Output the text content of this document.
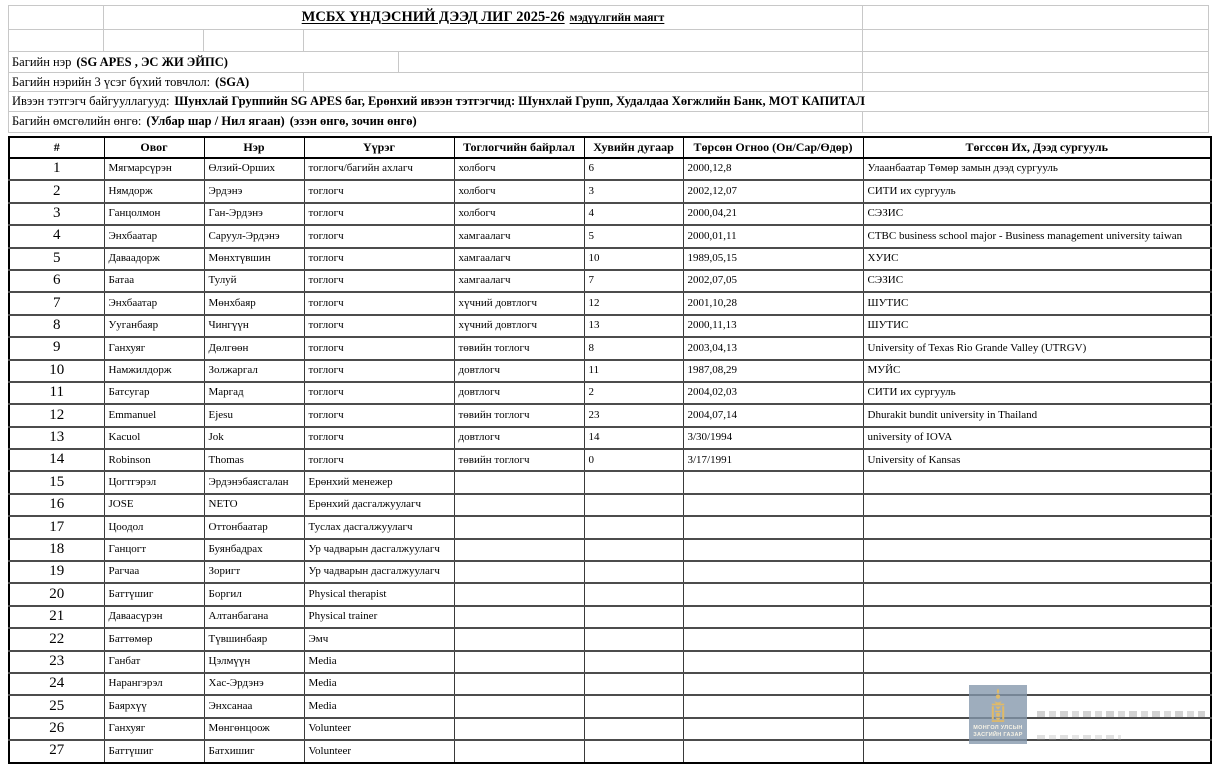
МСБХ ҮНДЭСНИЙ ДЭЭД ЛИГ 2025-26 мэдүүлгийн маягт
Багийн нэр (SG APES , ЭС ЖИ ЭЙПС)
Багийн нэрийн 3 үсэг бүхий товчлол: (SGA)
Ивээн тэтгэгч байгууллагууд: Шунхлай Группийн SG APES баг, Ерөнхий ивээн тэтгэгчид: Шунхлай Групп, Худалдаа Хөгжлийн Банк, МОТ КАПИТАЛ
Багийн өмсгөлийн өнгө: (Улбар шар / Нил ягаан) (эзэн өнгө, зочин өнгө)
#	Овог	Нэр	Үүрэг	Тоглогчийн байрлал	Хувийн дугаар	Төрсөн Огноо (Он/Сар/Өдөр)	Төгссөн Их, Дээд сургууль
1	Мягмарсүрэн	Өлзий-Орших	тоглогч/багийн ахлагч	холбогч	6	2000,12,8	Улаанбаатар Төмөр замын дээд сургууль
2	Нямдорж	Эрдэнэ	тоглогч	холбогч	3	2002,12,07	СИТИ их сургууль
3	Ганцолмон	Ган-Эрдэнэ	тоглогч	холбогч	4	2000,04,21	СЭЗИС
4	Энхбаатар	Саруул-Эрдэнэ	тоглогч	хамгаалагч	5	2000,01,11	CTBC business school major - Business management university taiwan
5	Даваадорж	Мөнхтүвшин	тоглогч	хамгаалагч	10	1989,05,15	ХУИС
6	Батаа	Тулуй	тоглогч	хамгаалагч	7	2002,07,05	СЭЗИС
7	Энхбаатар	Мөнхбаяр	тоглогч	хүчний довтлогч	12	2001,10,28	ШУТИС
8	Ууганбаяр	Чингүүн	тоглогч	хүчний довтлогч	13	2000,11,13	ШУТИС
9	Ганхуяг	Дөлгөөн	тоглогч	төвийн тоглогч	8	2003,04,13	University of Texas Rio Grande Valley (UTRGV)
10	Намжилдорж	Золжаргал	тоглогч	довтлогч	11	1987,08,29	МУЙС
11	Батсугар	Маргад	тоглогч	довтлогч	2	2004,02,03	СИТИ их сургууль
12	Emmanuel	Ejesu	тоглогч	төвийн тоглогч	23	2004,07,14	Dhurakit bundit university in Thailand
13	Kacuol	Jok	тоглогч	довтлогч	14	3/30/1994	university of IOVA
14	Robinson	Thomas	тоглогч	төвийн тоглогч	0	3/17/1991	University of Kansas
15	Цогтгэрэл	Эрдэнэбаясгалан	Ерөнхий менежер				
16	JOSE	NETO	Ерөнхий дасгалжуулагч				
17	Цоодол	Оттонбаатар	Туслах дасгалжуулагч				
18	Ганцогт	Буянбадрах	Ур чадварын дасгалжуулагч				
19	Рагчаа	Зоригт	Ур чадварын дасгалжуулагч				
20	Баттүшиг	Боргил	Physical therapist				
21	Даваасүрэн	Алтанбагана	Physical trainer				
22	Баттөмөр	Түвшинбаяр	Эмч				
23	Ганбат	Цэлмүүн	Media				
24	Нарангэрэл	Хас-Эрдэнэ	Media				
25	Баярхүү	Энхсанаа	Media				
26	Ганхуяг	Мөнгөнцоож	Volunteer				
27	Баттүшиг	Батхишиг	Volunteer				
МОНГОЛ УЛСЫН
ЗАСГИЙН ГАЗАР
